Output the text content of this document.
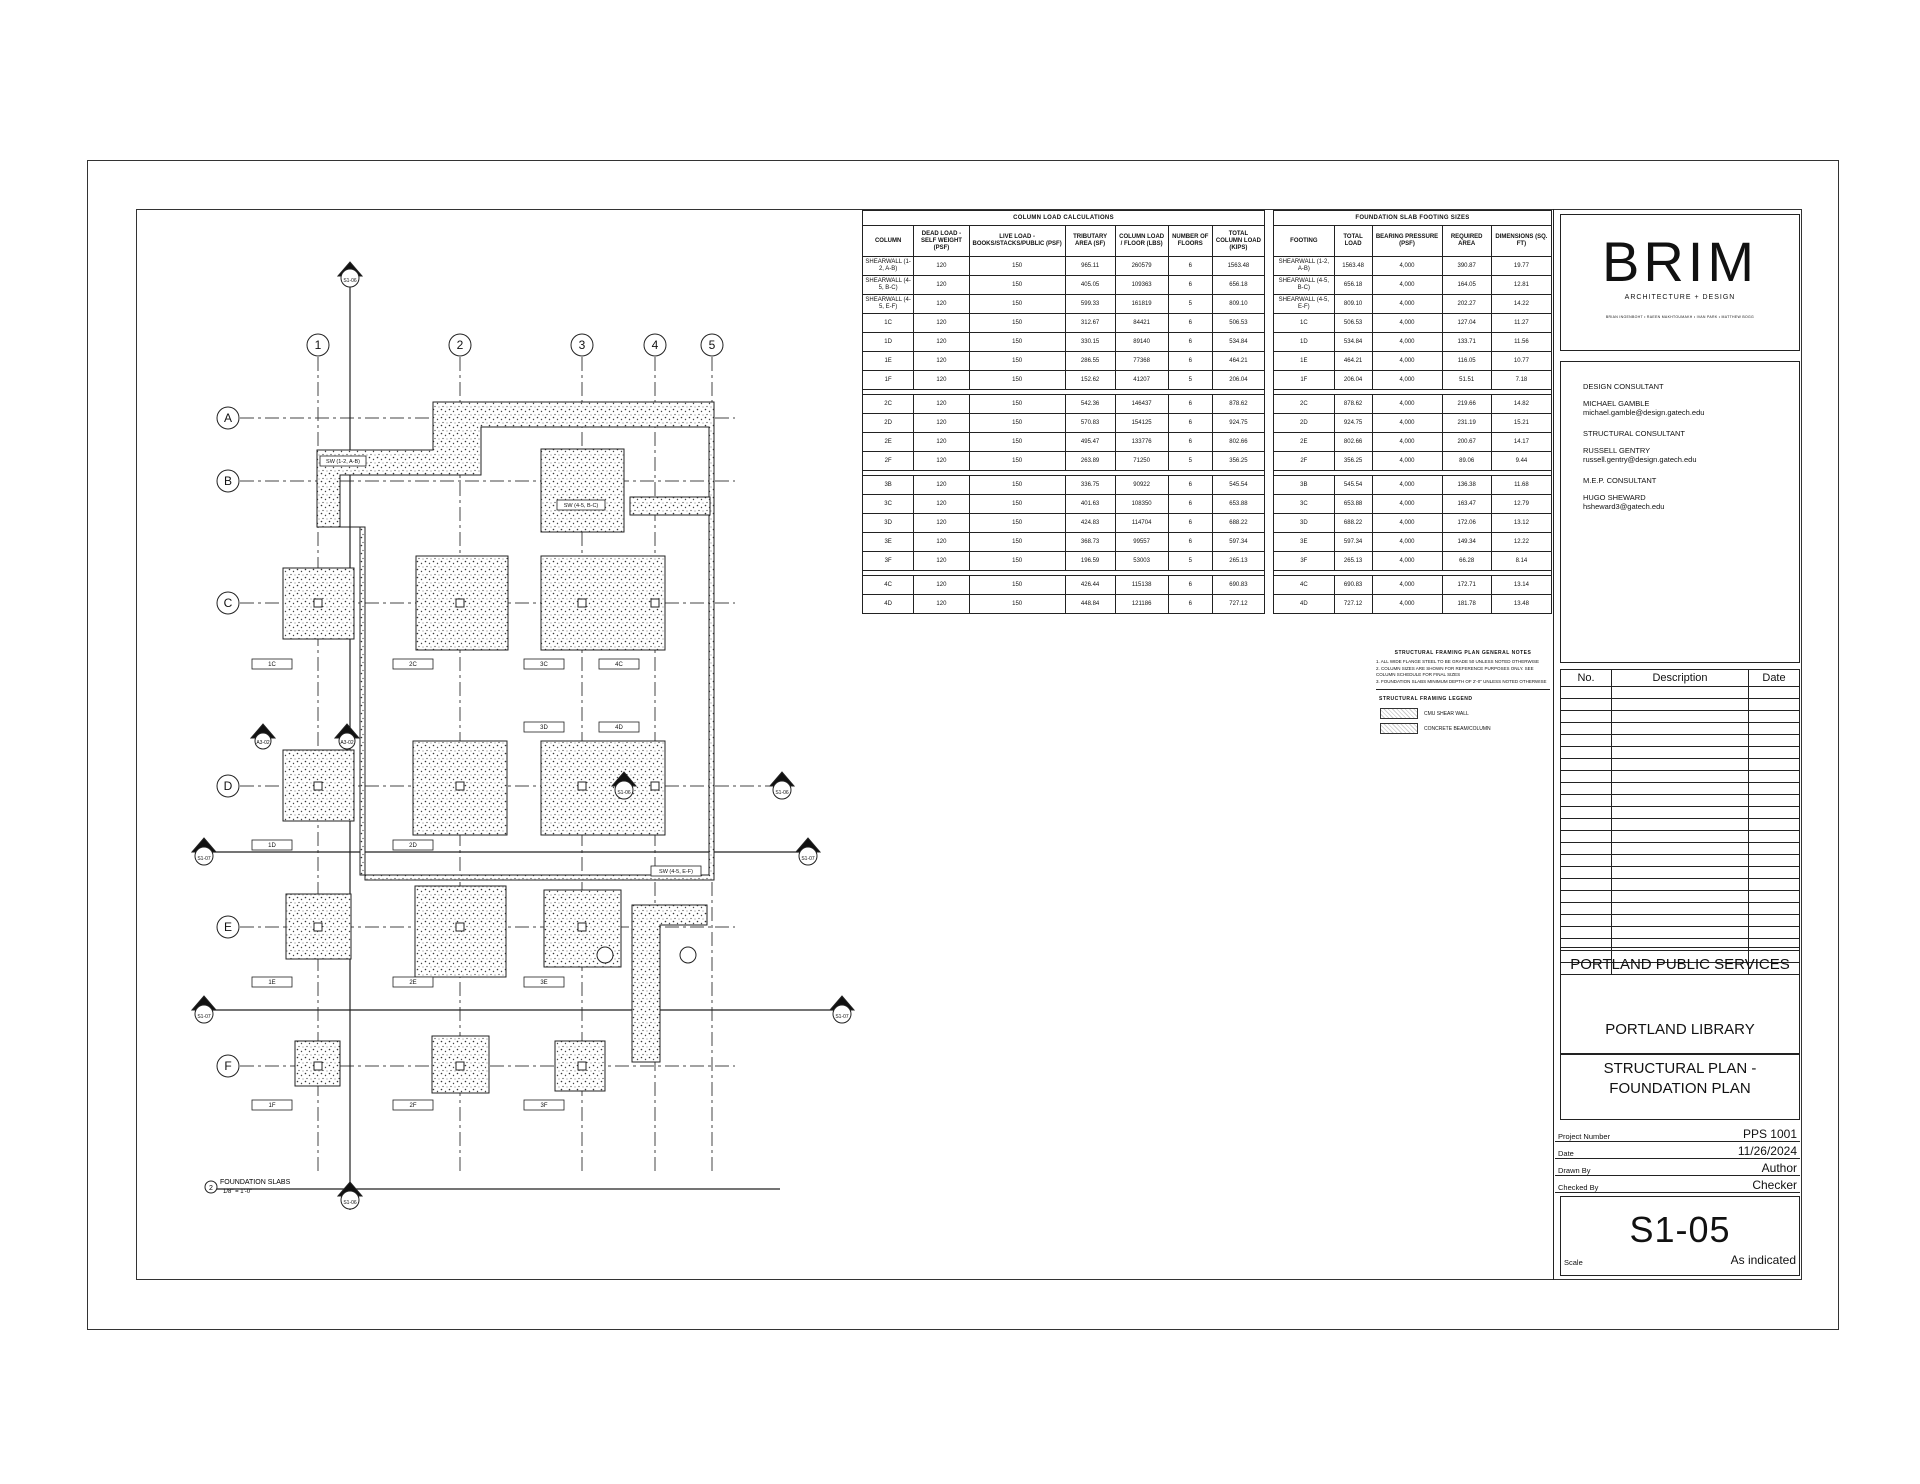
1	2	3	4	5
A
B
C
D
E
F
S1-06
S1-06
S1-07	S1-07
S1-07	S1-07
S1-06
S1-06
A3-02	A3-02
SW (1-2, A-B)
SW (4-5, B-C)
SW (4-5, E-F)
1C	2C	3C	4C
3D	4D
1D	2D
1E	2E	3E
1F	2F	3F
2
FOUNDATION SLABS
1/8" = 1'-0"
COLUMN LOAD CALCULATIONS
COLUMN	DEAD LOAD - SELF WEIGHT (PSF)	LIVE LOAD - BOOKS/STACKS/PUBLIC (PSF)	TRIBUTARY AREA (SF)	COLUMN LOAD / FLOOR (LBS)	NUMBER OF FLOORS	TOTAL COLUMN LOAD (KIPS)
SHEARWALL (1-2, A-B)	120	150	965.11	260579	6	1563.48
SHEARWALL (4-5, B-C)	120	150	405.05	109363	6	656.18
SHEARWALL (4-5, E-F)	120	150	599.33	161819	5	809.10
1C	120	150	312.67	84421	6	506.53
1D	120	150	330.15	89140	6	534.84
1E	120	150	286.55	77368	6	464.21
1F	120	150	152.62	41207	5	206.04

2C	120	150	542.36	146437	6	878.62
2D	120	150	570.83	154125	6	924.75
2E	120	150	495.47	133776	6	802.66
2F	120	150	263.89	71250	5	356.25

3B	120	150	336.75	90922	6	545.54
3C	120	150	401.63	108350	6	653.88
3D	120	150	424.83	114704	6	688.22
3E	120	150	368.73	99557	6	597.34
3F	120	150	196.59	53003	5	265.13

4C	120	150	426.44	115138	6	690.83
4D	120	150	448.84	121186	6	727.12
FOUNDATION SLAB FOOTING SIZES
FOOTING	TOTAL LOAD	BEARING PRESSURE (PSF)	REQUIRED AREA	DIMENSIONS (SQ. FT)
SHEARWALL (1-2, A-B)	1563.48	4,000	390.87	19.77
SHEARWALL (4-5, B-C)	656.18	4,000	164.05	12.81
SHEARWALL (4-5, E-F)	809.10	4,000	202.27	14.22
1C	506.53	4,000	127.04	11.27
1D	534.84	4,000	133.71	11.56
1E	464.21	4,000	116.05	10.77
1F	206.04	4,000	51.51	7.18

2C	878.62	4,000	219.66	14.82
2D	924.75	4,000	231.19	15.21
2E	802.66	4,000	200.67	14.17
2F	356.25	4,000	89.06	9.44

3B	545.54	4,000	136.38	11.68
3C	653.88	4,000	163.47	12.79
3D	688.22	4,000	172.06	13.12
3E	597.34	4,000	149.34	12.22
3F	265.13	4,000	66.28	8.14

4C	690.83	4,000	172.71	13.14
4D	727.12	4,000	181.78	13.48
STRUCTURAL FRAMING PLAN GENERAL NOTES
1. ALL WIDE FLANGE STEEL TO BE GRADE 50 UNLESS NOTED OTHERWISE
2. COLUMN SIZES ARE SHOWN FOR REFERENCE PURPOSES ONLY. SEE COLUMN SCHEDULE FOR FINAL SIZES
3. FOUNDATION SLABS MINIMUM DEPTH OF 2'-0" UNLESS NOTED OTHERWISE
STRUCTURAL FRAMING LEGEND
CMU SHEAR WALL
CONCRETE BEAM/COLUMN
BRIM
ARCHITECTURE + DESIGN
BRIAN INGENBOHT • RAEEN MAKHTOUMAKH • IVAN PARK • MATTHEW BOGG
DESIGN CONSULTANT
MICHAEL GAMBLE
michael.gamble@design.gatech.edu
STRUCTURAL CONSULTANT
RUSSELL GENTRY
russell.gentry@design.gatech.edu
M.E.P. CONSULTANT
HUGO SHEWARD
hsheward3@gatech.edu
No.	Description	Date

PORTLAND PUBLIC SERVICES
PORTLAND LIBRARY
STRUCTURAL PLAN -
FOUNDATION PLAN
Project Number	PPS 1001
Date	11/26/2024
Drawn By	Author
Checked By	Checker
S1-05
Scale	As indicated
